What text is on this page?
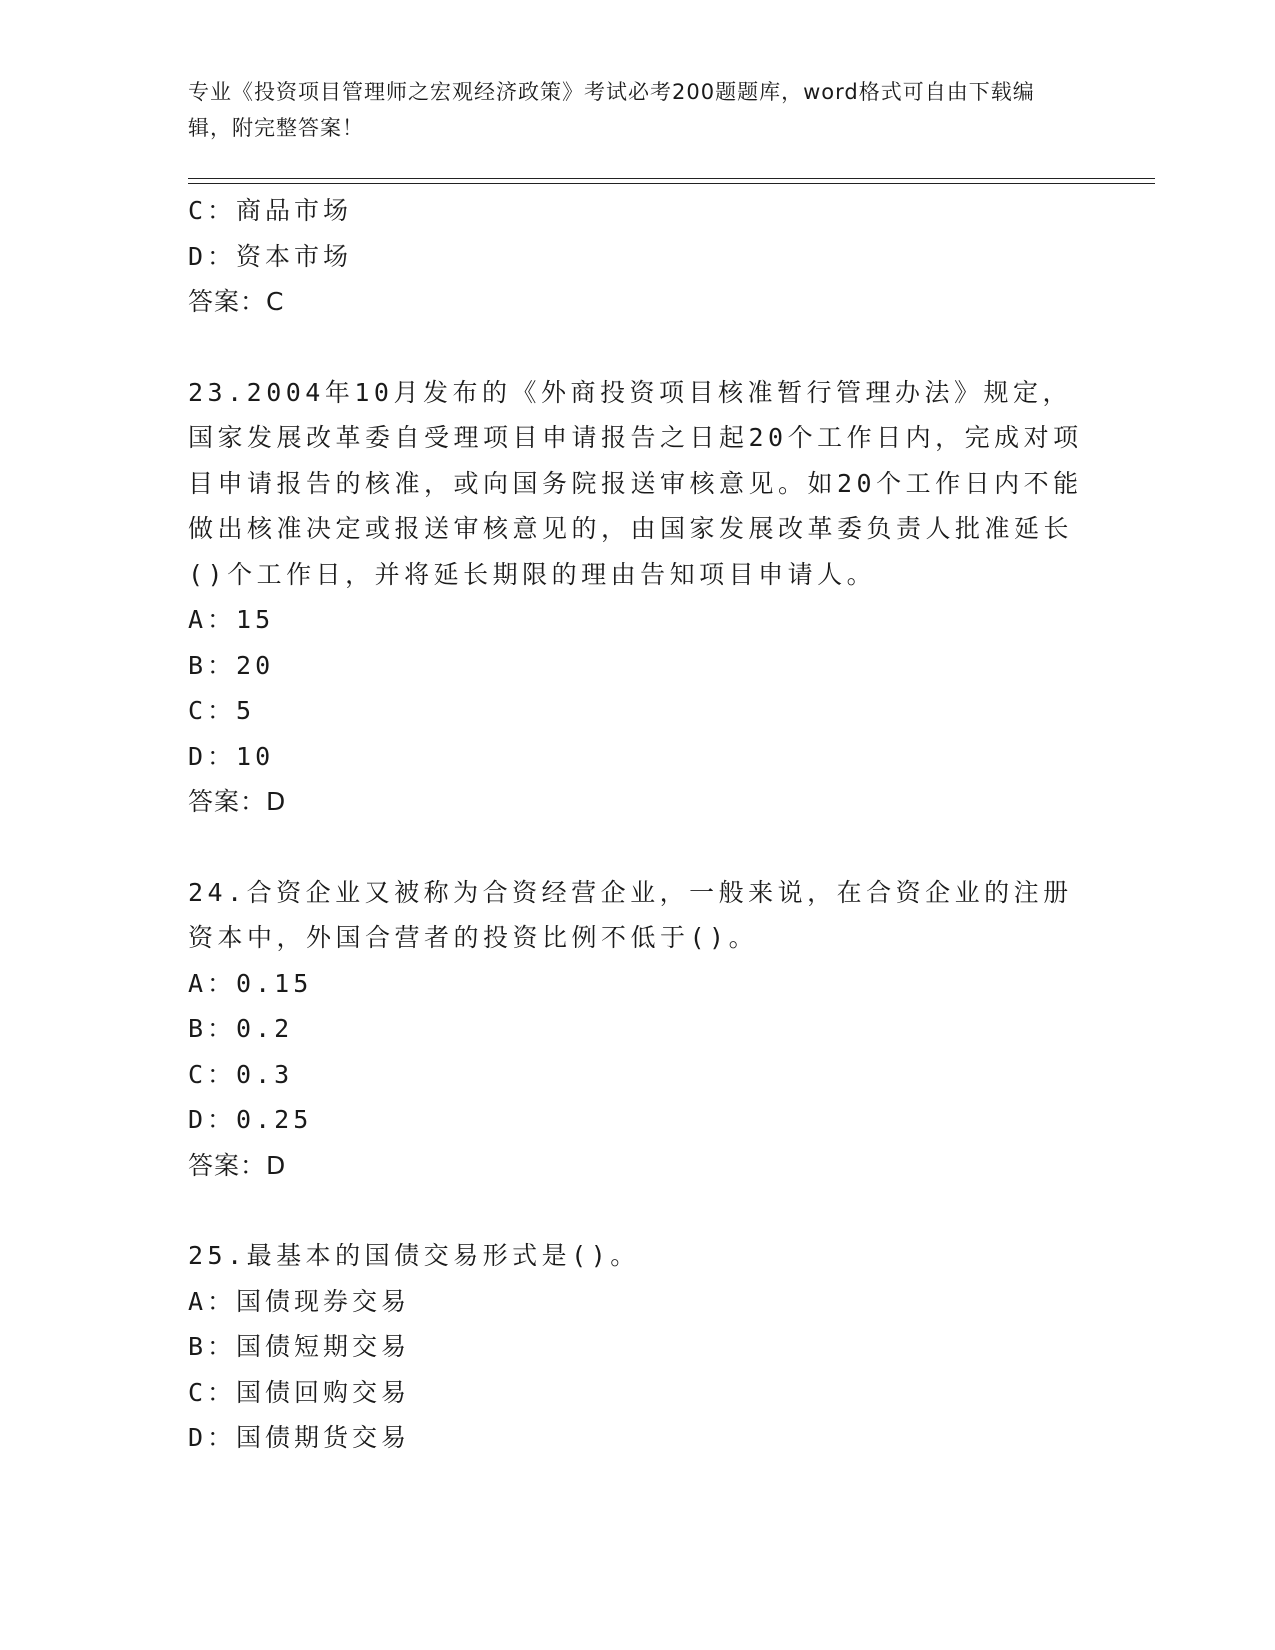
专业《投资项目管理师之宏观经济政策》考试必考200题题库，word格式可自由下载编辑，附完整答案！
C：商品市场
D：资本市场
答案：C
23.2004年10月发布的《外商投资项目核准暂行管理办法》规定，国家发展改革委自受理项目申请报告之日起20个工作日内，完成对项目申请报告的核准，或向国务院报送审核意见。如20个工作日内不能做出核准决定或报送审核意见的，由国家发展改革委负责人批准延长()个工作日，并将延长期限的理由告知项目申请人。
A：15
B：20
C：5
D：10
答案：D
24.合资企业又被称为合资经营企业，一般来说，在合资企业的注册资本中，外国合营者的投资比例不低于()。
A：0.15
B：0.2
C：0.3
D：0.25
答案：D
25.最基本的国债交易形式是()。
A：国债现券交易
B：国债短期交易
C：国债回购交易
D：国债期货交易
